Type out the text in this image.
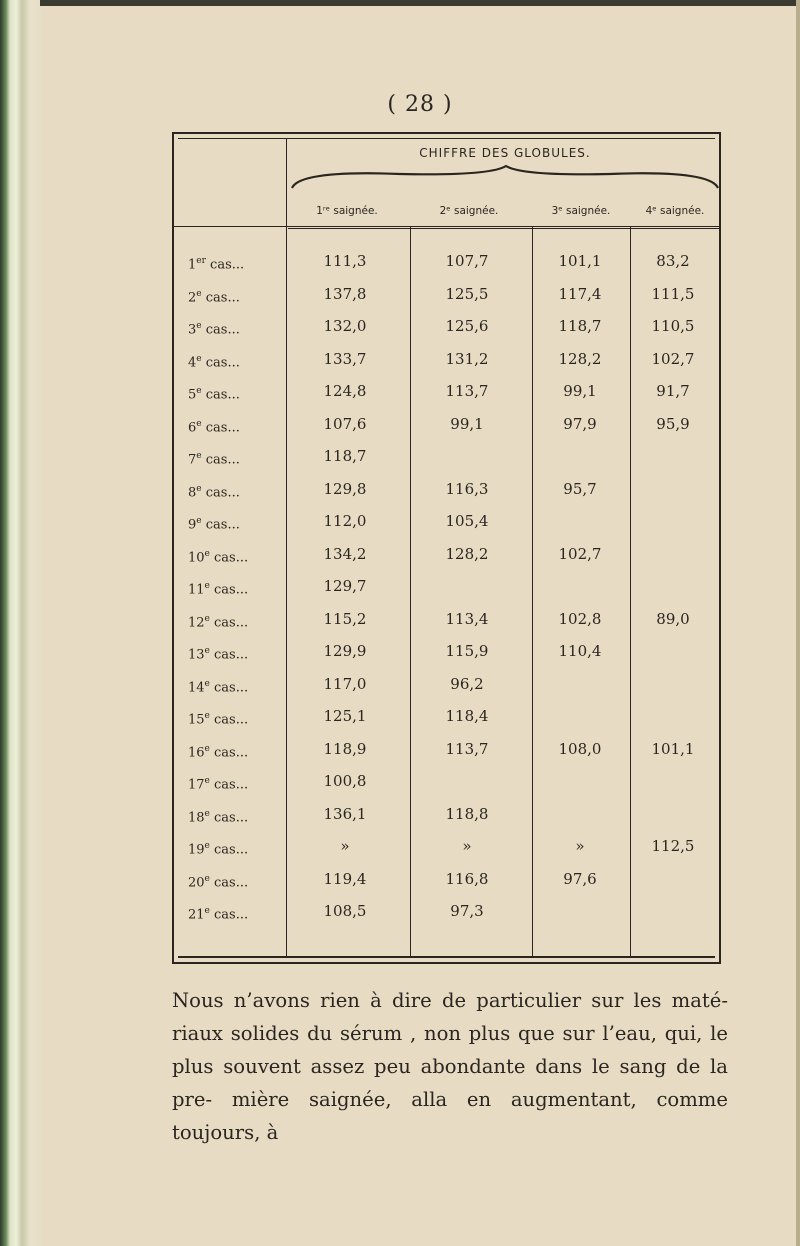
( 28 )
CHIFFRE DES GLOBULES.
1ʳᵉ saignée.	2ᵉ saignée.	3ᵉ saignée.	4ᵉ saignée.
1er cas...	111,3	107,7	101,1	83,2
2e cas...	137,8	125,5	117,4	111,5
3e cas...	132,0	125,6	118,7	110,5
4e cas...	133,7	131,2	128,2	102,7
5e cas...	124,8	113,7	99,1	91,7
6e cas...	107,6	99,1	97,9	95,9
7e cas...	118,7
8e cas...	129,8	116,3	95,7
9e cas...	112,0	105,4
10e cas...	134,2	128,2	102,7
11e cas...	129,7
12e cas...	115,2	113,4	102,8	89,0
13e cas...	129,9	115,9	110,4
14e cas...	117,0	96,2
15e cas...	125,1	118,4
16e cas...	118,9	113,7	108,0	101,1
17e cas...	100,8
18e cas...	136,1	118,8
19e cas...	»	»	»	112,5
20e cas...	119,4	116,8	97,6
21e cas...	108,5	97,3
Nous n’avons rien à dire de particulier sur les maté- riaux solides du sérum , non plus que sur l’eau, qui, le plus souvent assez peu abondante dans le sang de la pre- mière saignée, alla en augmentant, comme toujours, à
